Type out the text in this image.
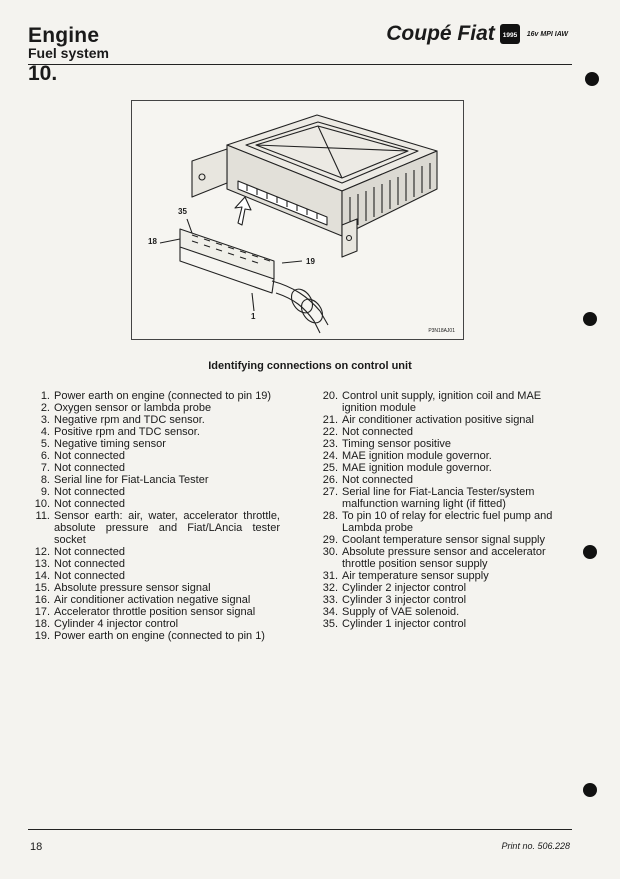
Engine
Fuel system
10.
Coupé Fiat 1995 16v MPI IAW
35
18
19
1
P3N18AJ01
Identifying connections on control unit
1. Power earth on engine (connected to pin 19)
2. Oxygen sensor or lambda probe
3. Negative rpm and TDC sensor.
4. Positive rpm and TDC sensor.
5. Negative timing sensor
6. Not connected
7. Not connected
8. Serial line for Fiat-Lancia Tester
9. Not connected
10. Not connected
11. Sensor earth: air, water, accelerator throttle, absolute pressure and Fiat/LAncia tester socket
12. Not connected
13. Not connected
14. Not connected
15. Absolute pressure sensor signal
16. Air conditioner activation negative signal
17. Accelerator throttle position sensor signal
18. Cylinder 4 injector control
19. Power earth on engine (connected to pin 1)
20. Control unit supply, ignition coil and MAE ignition module
21. Air conditioner activation positive signal
22. Not connected
23. Timing sensor positive
24. MAE ignition module governor.
25. MAE ignition module governor.
26. Not connected
27. Serial line for Fiat-Lancia Tester/system malfunction warning light (if fitted)
28. To pin 10 of relay for electric fuel pump and Lambda probe
29. Coolant temperature sensor signal supply
30. Absolute pressure sensor and accelerator throttle position sensor supply
31. Air temperature sensor supply
32. Cylinder 2 injector control
33. Cylinder 3 injector control
34. Supply of VAE solenoid.
35. Cylinder 1 injector control
18	Print no. 506.228
